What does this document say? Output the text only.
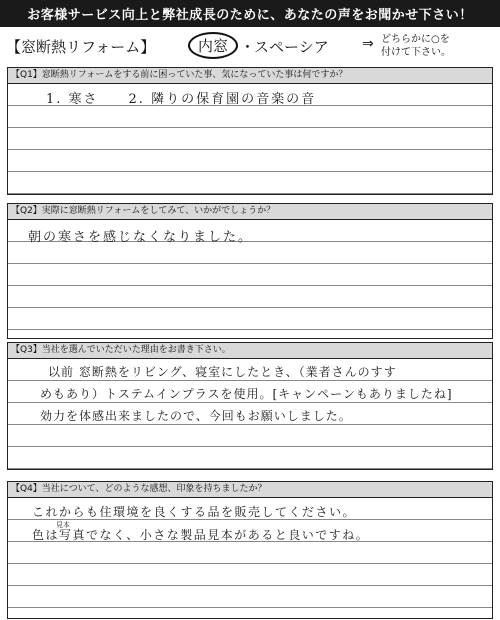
お客様サービス向上と弊社成長のために、あなたの声をお聞かせ下さい！
【窓断熱リフォーム】	内窓 ・
スペーシア ⇒ どちらかに○を
付けて下さい。
【Q1】窓断熱リフォームをする前に困っていた事、気になっていた事は何ですか？
1. 寒さ　　2. 隣りの保育園の音楽の音
【Q2】実際に窓断熱リフォームをしてみて、いかがでしょうか？
朝の寒さを感じなくなりました。
【Q3】当社を選んでいただいた理由をお書き下さい。
以前 窓断熱をリビング、寝室にしたとき、（業者さんのすす
めもあり）トステムインプラスを使用。[キャンペーンもありましたね]
効力を体感出来ましたので、今回もお願いしました。
【Q4】当社について、どのような感想、印象を持ちましたか？
これからも住環境を良くする品を販売してください。
見本
色は写真でなく、小さな製品見本があると良いですね。
